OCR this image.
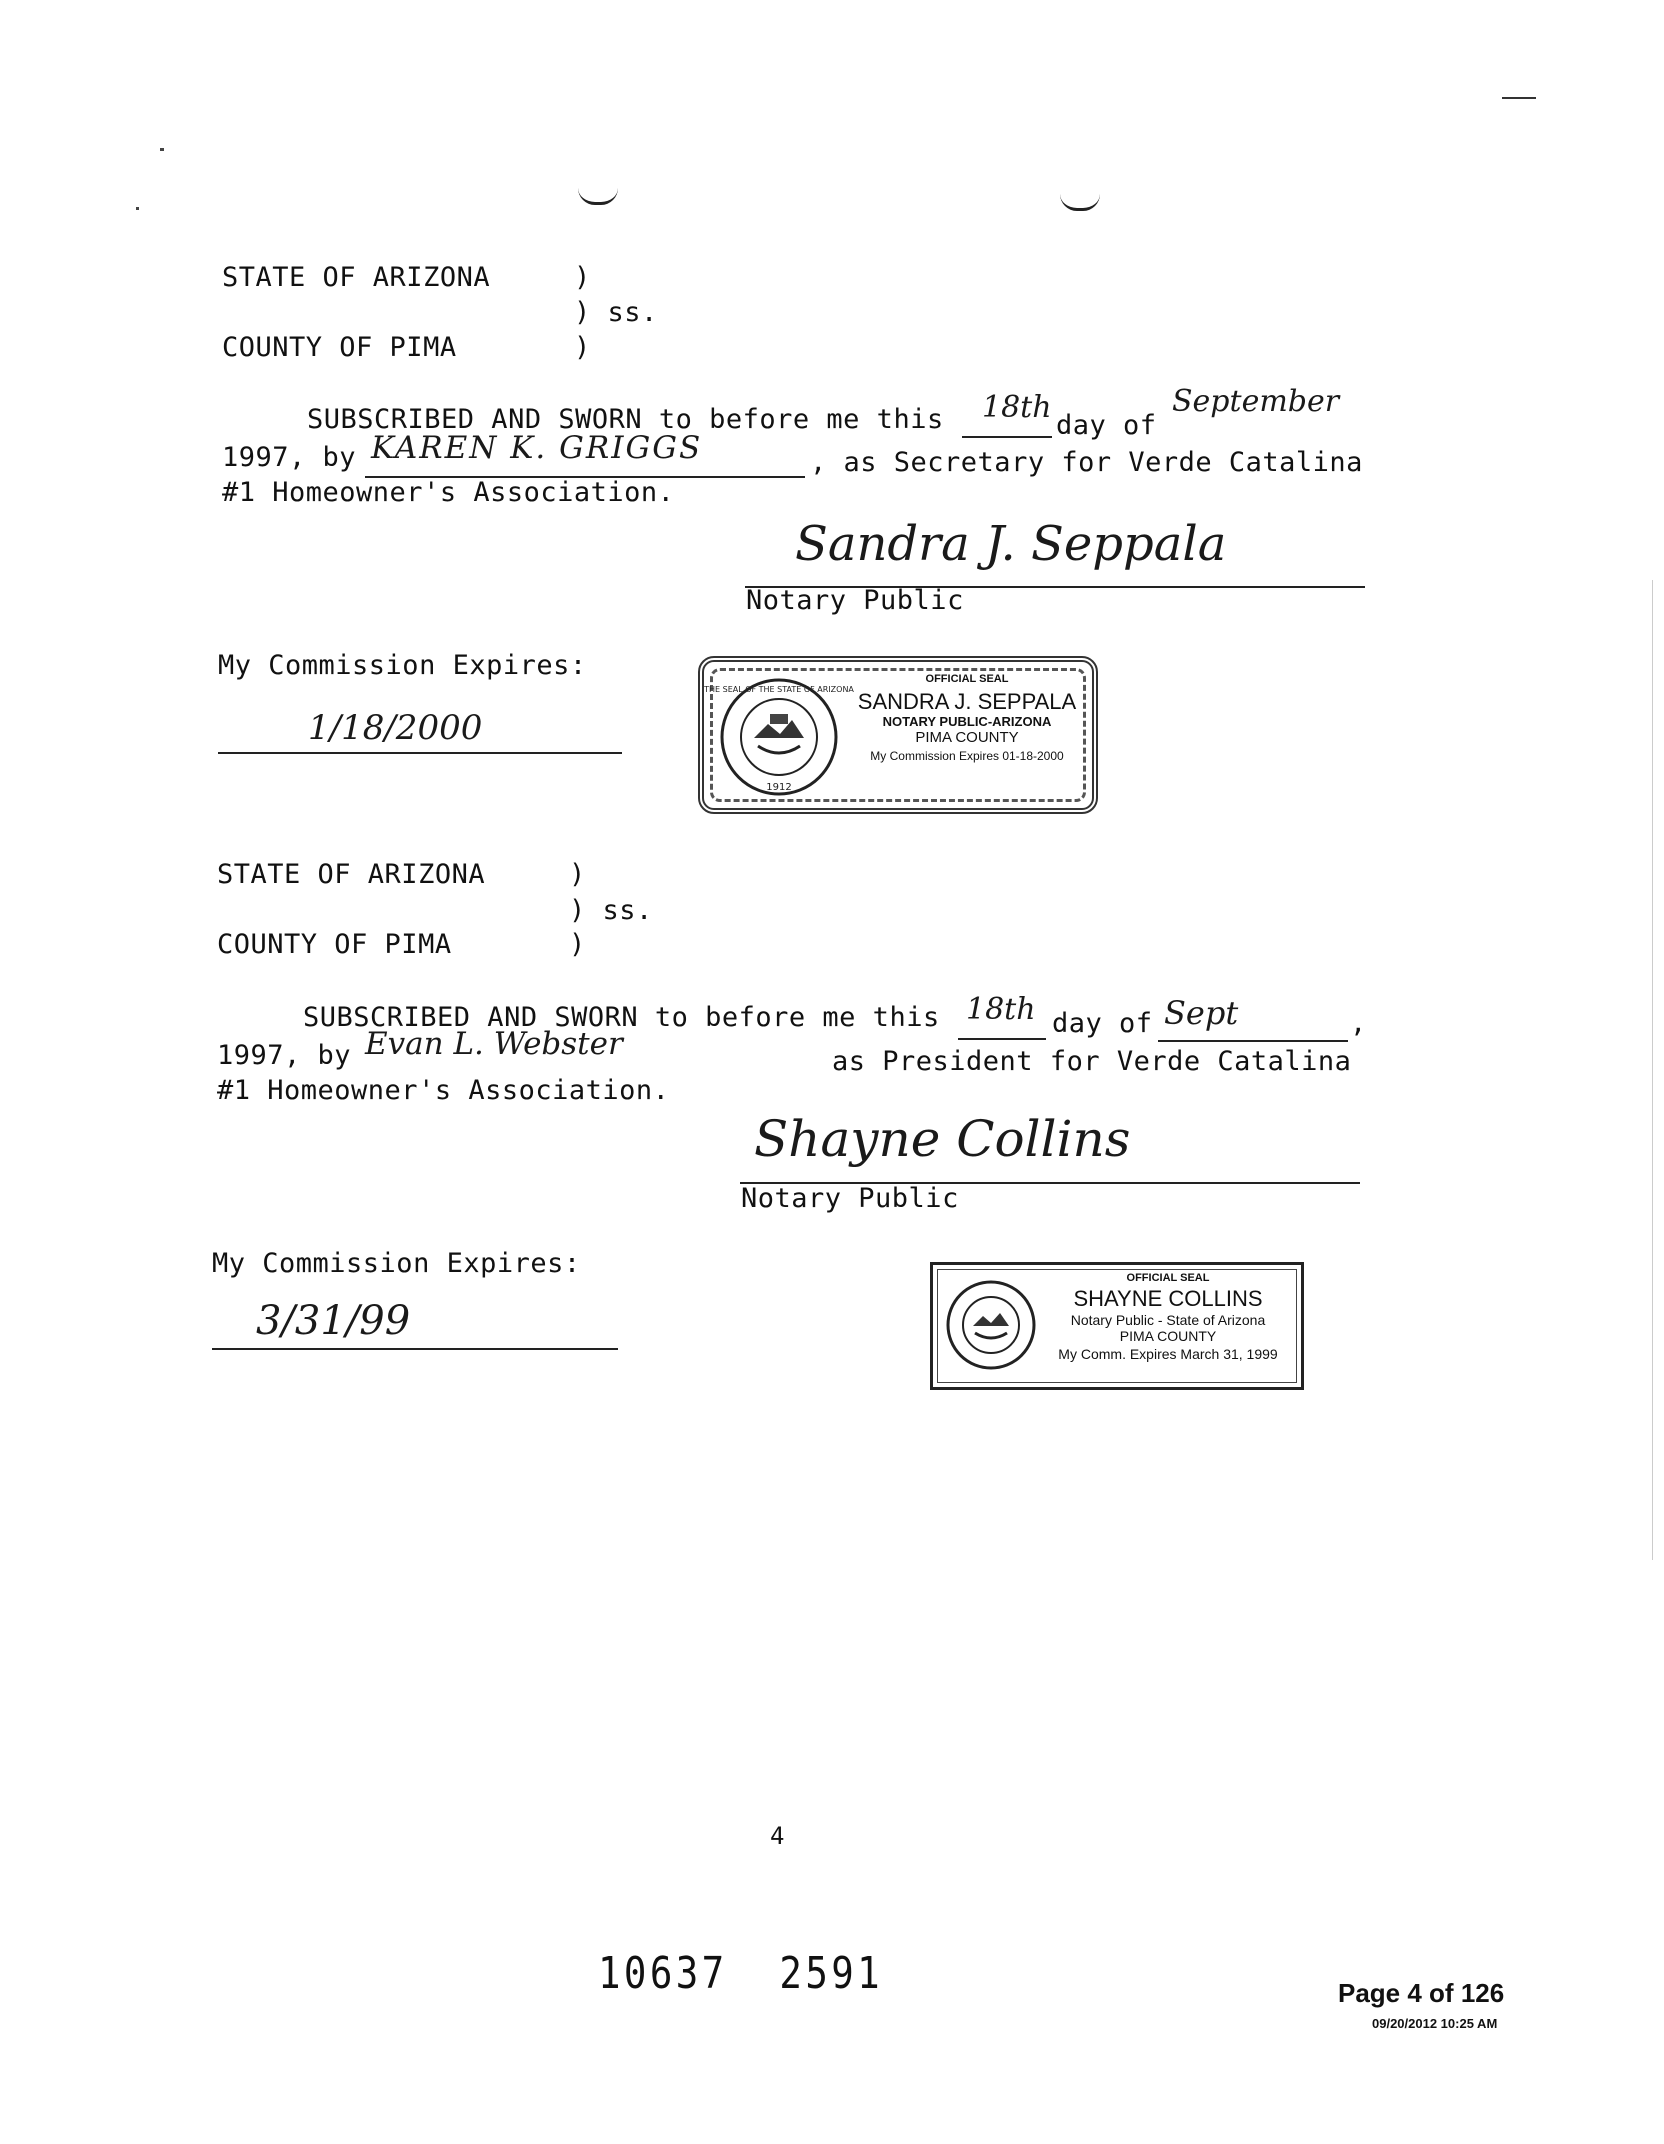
STATE OF ARIZONA	)
) ss.
COUNTY OF PIMA	)
SUBSCRIBED AND SWORN to before me this 18th
day of
September
1997, by KAREN K. GRIGGS	, as Secretary for Verde Catalina
#1 Homeowner's Association.
Sandra J. Seppala
Notary Public
My Commission Expires:
1/18/2000
1912
THE SEAL OF THE STATE OF ARIZONA
OFFICIAL SEAL
SANDRA J. SEPPALA
NOTARY PUBLIC-ARIZONA
PIMA COUNTY
My Commission Expires 01-18-2000
STATE OF ARIZONA	)
) ss.
COUNTY OF PIMA	)
SUBSCRIBED AND SWORN to before me this 18th day of Sept	,
1997, by Evan L. Webster	as President for Verde Catalina
#1 Homeowner's Association.
Shayne Collins
Notary Public
My Commission Expires:
3/31/99
OFFICIAL SEAL
SHAYNE COLLINS
Notary Public - State of Arizona
PIMA COUNTY
My Comm. Expires March 31, 1999
4
10637  2591	Page 4 of 126
09/20/2012 10:25 AM
